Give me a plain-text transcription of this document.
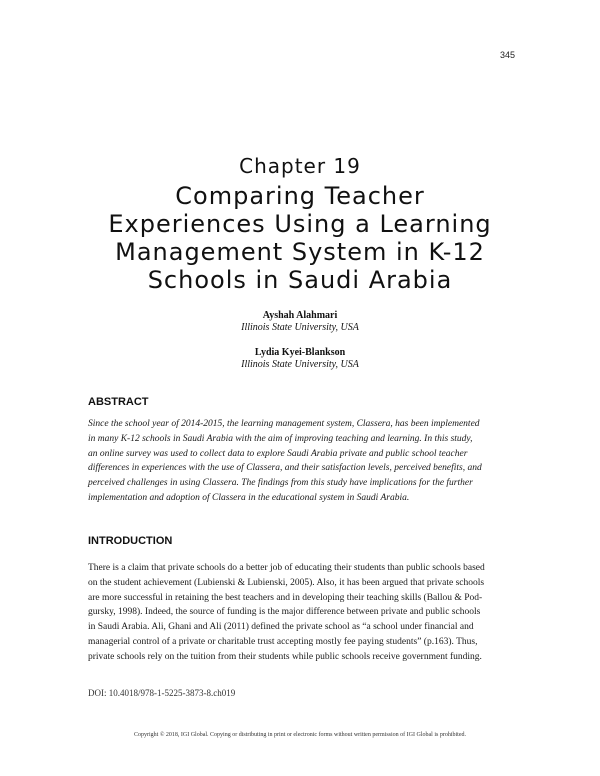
345
Chapter 19
Comparing Teacher
Experiences Using a Learning
Management System in K-12
Schools in Saudi Arabia
Ayshah Alahmari
Illinois State University, USA
Lydia Kyei-Blankson
Illinois State University, USA
ABSTRACT
Since the school year of 2014-2015, the learning management system, Classera, has been implemented
in many K-12 schools in Saudi Arabia with the aim of improving teaching and learning. In this study,
an online survey was used to collect data to explore Saudi Arabia private and public school teacher
differences in experiences with the use of Classera, and their satisfaction levels, perceived benefits, and
perceived challenges in using Classera. The findings from this study have implications for the further
implementation and adoption of Classera in the educational system in Saudi Arabia.
INTRODUCTION
There is a claim that private schools do a better job of educating their students than public schools based
on the student achievement (Lubienski & Lubienski, 2005). Also, it has been argued that private schools
are more successful in retaining the best teachers and in developing their teaching skills (Ballou & Pod-
gursky, 1998). Indeed, the source of funding is the major difference between private and public schools
in Saudi Arabia. Ali, Ghani and Ali (2011) defined the private school as “a school under financial and
managerial control of a private or charitable trust accepting mostly fee paying students” (p.163). Thus,
private schools rely on the tuition from their students while public schools receive government funding.
DOI: 10.4018/978-1-5225-3873-8.ch019
Copyright © 2018, IGI Global. Copying or distributing in print or electronic forms without written permission of IGI Global is prohibited.
